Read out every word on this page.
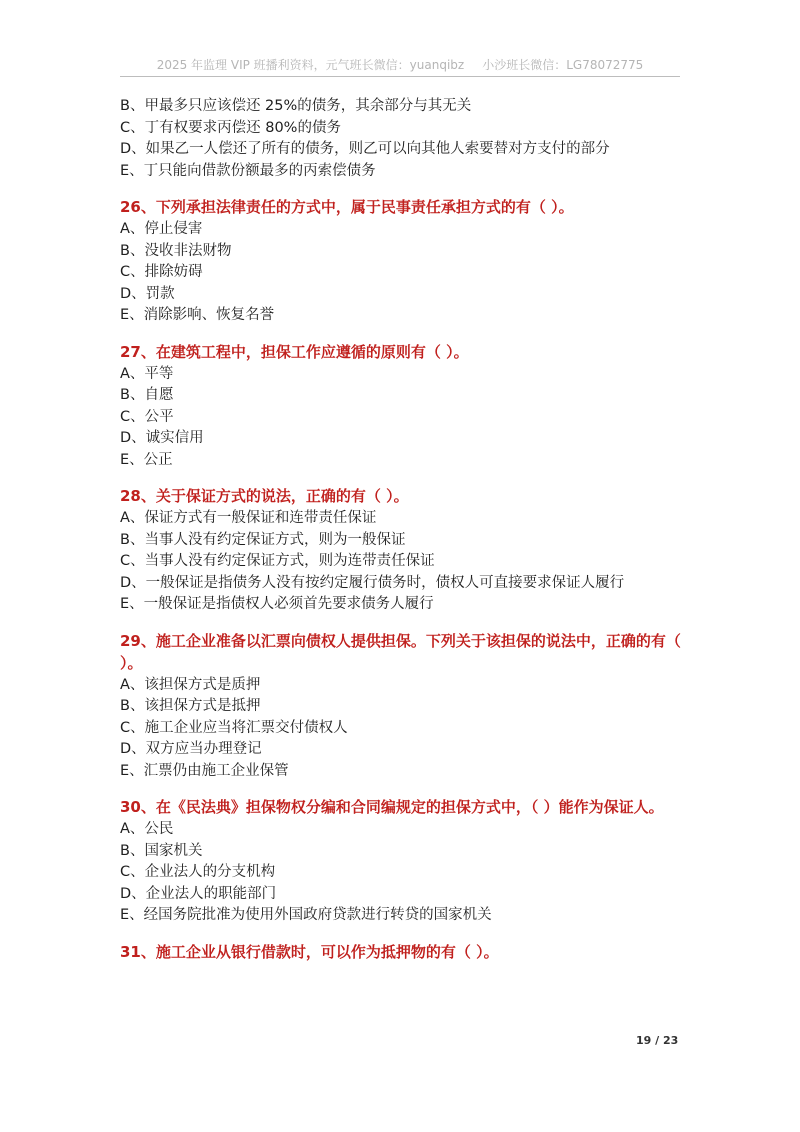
2025 年监理 VIP 班播利资料，元气班长微信：yuanqibz 小沙班长微信：LG78072775
B、甲最多只应该偿还 25%的债务，其余部分与其无关
C、丁有权要求丙偿还 80%的债务
D、如果乙一人偿还了所有的债务，则乙可以向其他人索要替对方支付的部分
E、丁只能向借款份额最多的丙索偿债务
26、下列承担法律责任的方式中，属于民事责任承担方式的有（ ）。
A、停止侵害
B、没收非法财物
C、排除妨碍
D、罚款
E、消除影响、恢复名誉
27、在建筑工程中，担保工作应遵循的原则有（ ）。
A、平等
B、自愿
C、公平
D、诚实信用
E、公正
28、关于保证方式的说法，正确的有（ ）。
A、保证方式有一般保证和连带责任保证
B、当事人没有约定保证方式，则为一般保证
C、当事人没有约定保证方式，则为连带责任保证
D、一般保证是指债务人没有按约定履行债务时，债权人可直接要求保证人履行
E、一般保证是指债权人必须首先要求债务人履行
29、施工企业准备以汇票向债权人提供担保。下列关于该担保的说法中，正确的有（ ）。
A、该担保方式是质押
B、该担保方式是抵押
C、施工企业应当将汇票交付债权人
D、双方应当办理登记
E、汇票仍由施工企业保管
30、在《民法典》担保物权分编和合同编规定的担保方式中，（ ）能作为保证人。
A、公民
B、国家机关
C、企业法人的分支机构
D、企业法人的职能部门
E、经国务院批准为使用外国政府贷款进行转贷的国家机关
31、施工企业从银行借款时，可以作为抵押物的有（ ）。
19 / 23
